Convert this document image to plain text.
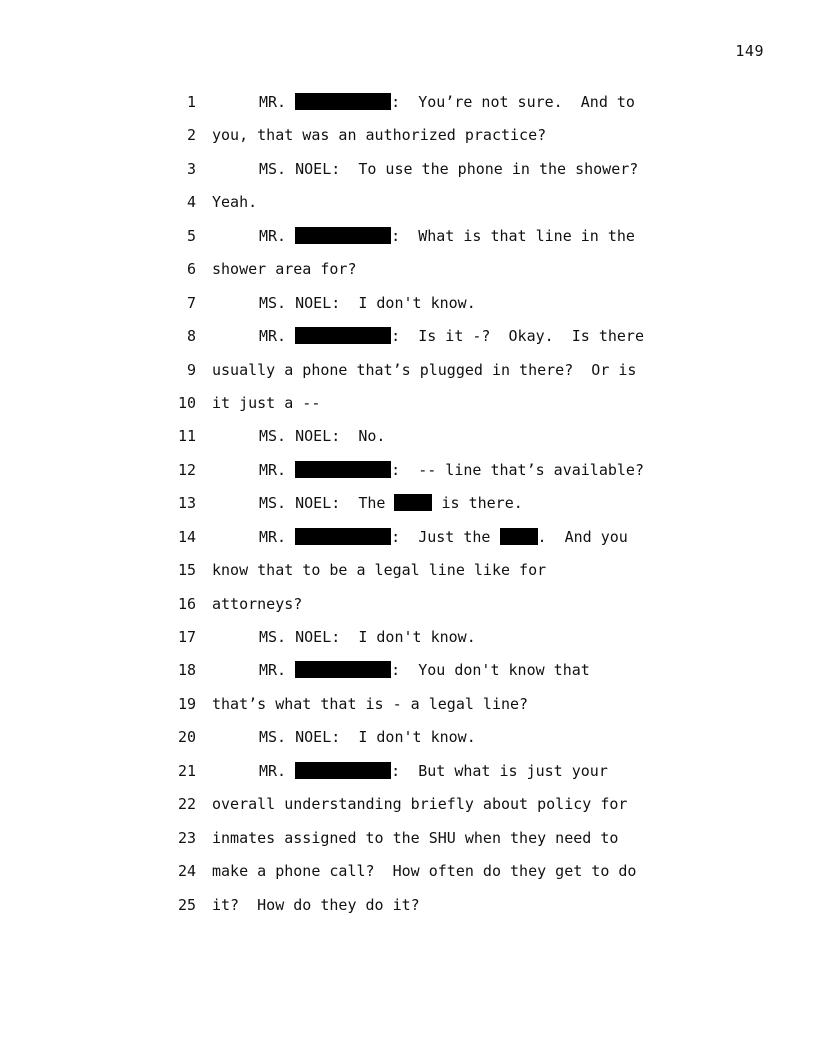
149
1	MR.	:  You’re not sure.  And to
2 you, that was an authorized practice?
3	MS. NOEL:  To use the phone in the shower?
4 Yeah.
5	MR.	:  What is that line in the
6 shower area for?
7	MS. NOEL:  I don't know.
8	MR.	:  Is it -?  Okay.  Is there
9 usually a phone that’s plugged in there?  Or is
10 it just a --
11	MS. NOEL:  No.
12	MR.	:  -- line that’s available?
13	MS. NOEL:  The	is there.
14	MR.	:  Just the	.  And you
15 know that to be a legal line like for
16 attorneys?
17	MS. NOEL:  I don't know.
18	MR.	:  You don't know that
19 that’s what that is - a legal line?
20	MS. NOEL:  I don't know.
21	MR.	:  But what is just your
22 overall understanding briefly about policy for
23 inmates assigned to the SHU when they need to
24 make a phone call?  How often do they get to do
25 it?  How do they do it?
